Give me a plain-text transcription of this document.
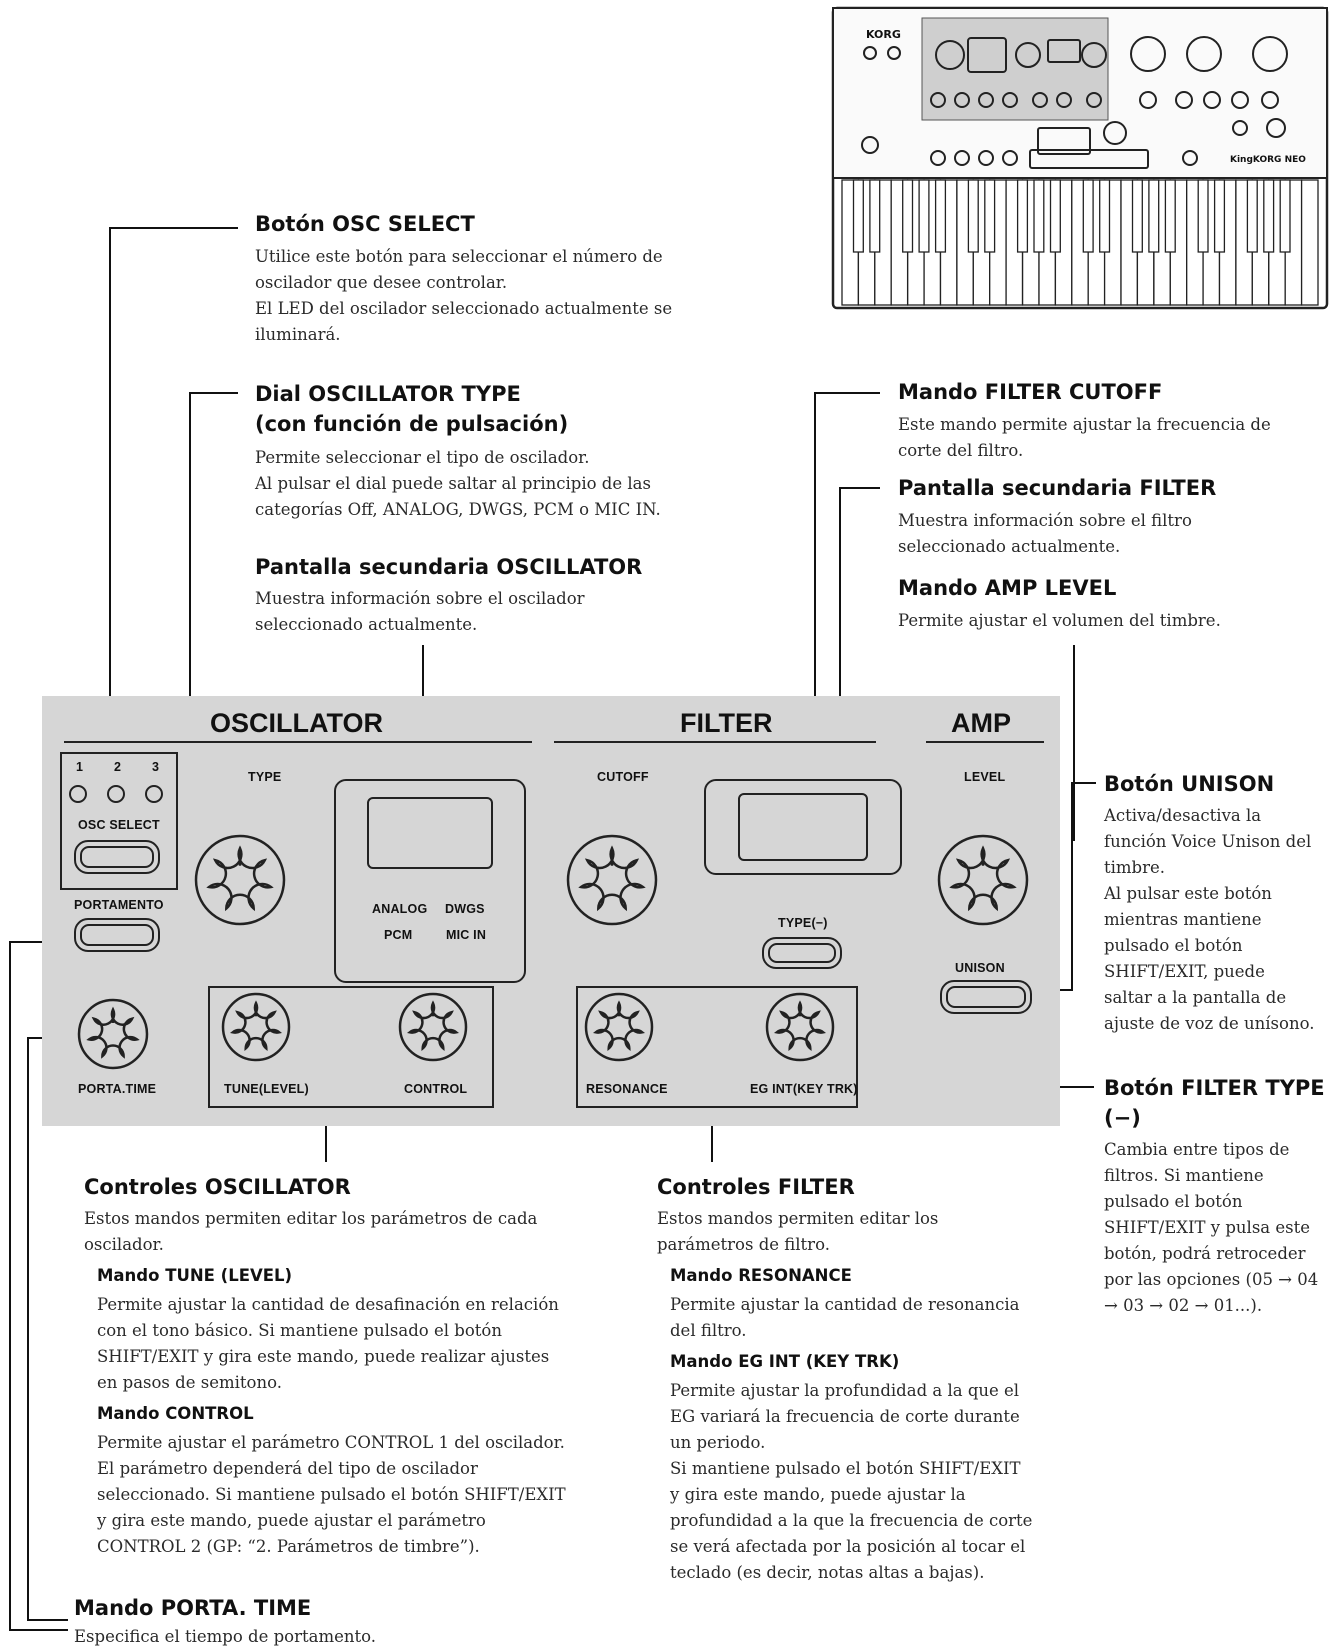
KORG
KingKORG NEO
OSCILLATOR	FILTER	AMP
1 2 3
OSC SELECT
PORTAMENTO
TYPE	CUTOFF	LEVEL
ANALOG DWGS
PCM	MIC IN
TYPE(−)
UNISON
PORTA.TIME	TUNE(LEVEL)	CONTROL	RESONANCE	EG INT(KEY TRK)
Botón OSC SELECT

Utilice este botón para seleccionar el número de

oscilador que desee controlar.

El LED del oscilador seleccionado actualmente se

iluminará.

Dial OSCILLATOR TYPE
(con función de pulsación)

Permite seleccionar el tipo de oscilador.

Al pulsar el dial puede saltar al principio de las

categorías Off, ANALOG, DWGS, PCM o MIC IN.

Pantalla secundaria OSCILLATOR

Muestra información sobre el oscilador

seleccionado actualmente.

Mando FILTER CUTOFF

Este mando permite ajustar la frecuencia de

corte del filtro.

Pantalla secundaria FILTER

Muestra información sobre el filtro

seleccionado actualmente.

Mando AMP LEVEL

Permite ajustar el volumen del timbre.

Botón UNISON

Activa/desactiva la

función Voice Unison del

timbre.

Al pulsar este botón

mientras mantiene

pulsado el botón

SHIFT/EXIT, puede

saltar a la pantalla de

ajuste de voz de unísono.

Botón FILTER TYPE
(−)

Cambia entre tipos de

filtros. Si mantiene

pulsado el botón

SHIFT/EXIT y pulsa este

botón, podrá retroceder

por las opciones (05 → 04

→ 03 → 02 → 01...).

Controles OSCILLATOR

Estos mandos permiten editar los parámetros de cada

oscilador.

Mando TUNE (LEVEL)

Permite ajustar la cantidad de desafinación en relación

con el tono básico. Si mantiene pulsado el botón

SHIFT/EXIT y gira este mando, puede realizar ajustes

en pasos de semitono.

Mando CONTROL

Permite ajustar el parámetro CONTROL 1 del oscilador.

El parámetro dependerá del tipo de oscilador

seleccionado. Si mantiene pulsado el botón SHIFT/EXIT

y gira este mando, puede ajustar el parámetro

CONTROL 2 (GP: “2. Parámetros de timbre”).

Controles FILTER

Estos mandos permiten editar los

parámetros de filtro.

Mando RESONANCE

Permite ajustar la cantidad de resonancia

del filtro.

Mando EG INT (KEY TRK)

Permite ajustar la profundidad a la que el

EG variará la frecuencia de corte durante

un periodo.

Si mantiene pulsado el botón SHIFT/EXIT

y gira este mando, puede ajustar la

profundidad a la que la frecuencia de corte

se verá afectada por la posición al tocar el

teclado (es decir, notas altas a bajas).

Mando PORTA. TIME

Especifica el tiempo de portamento.
